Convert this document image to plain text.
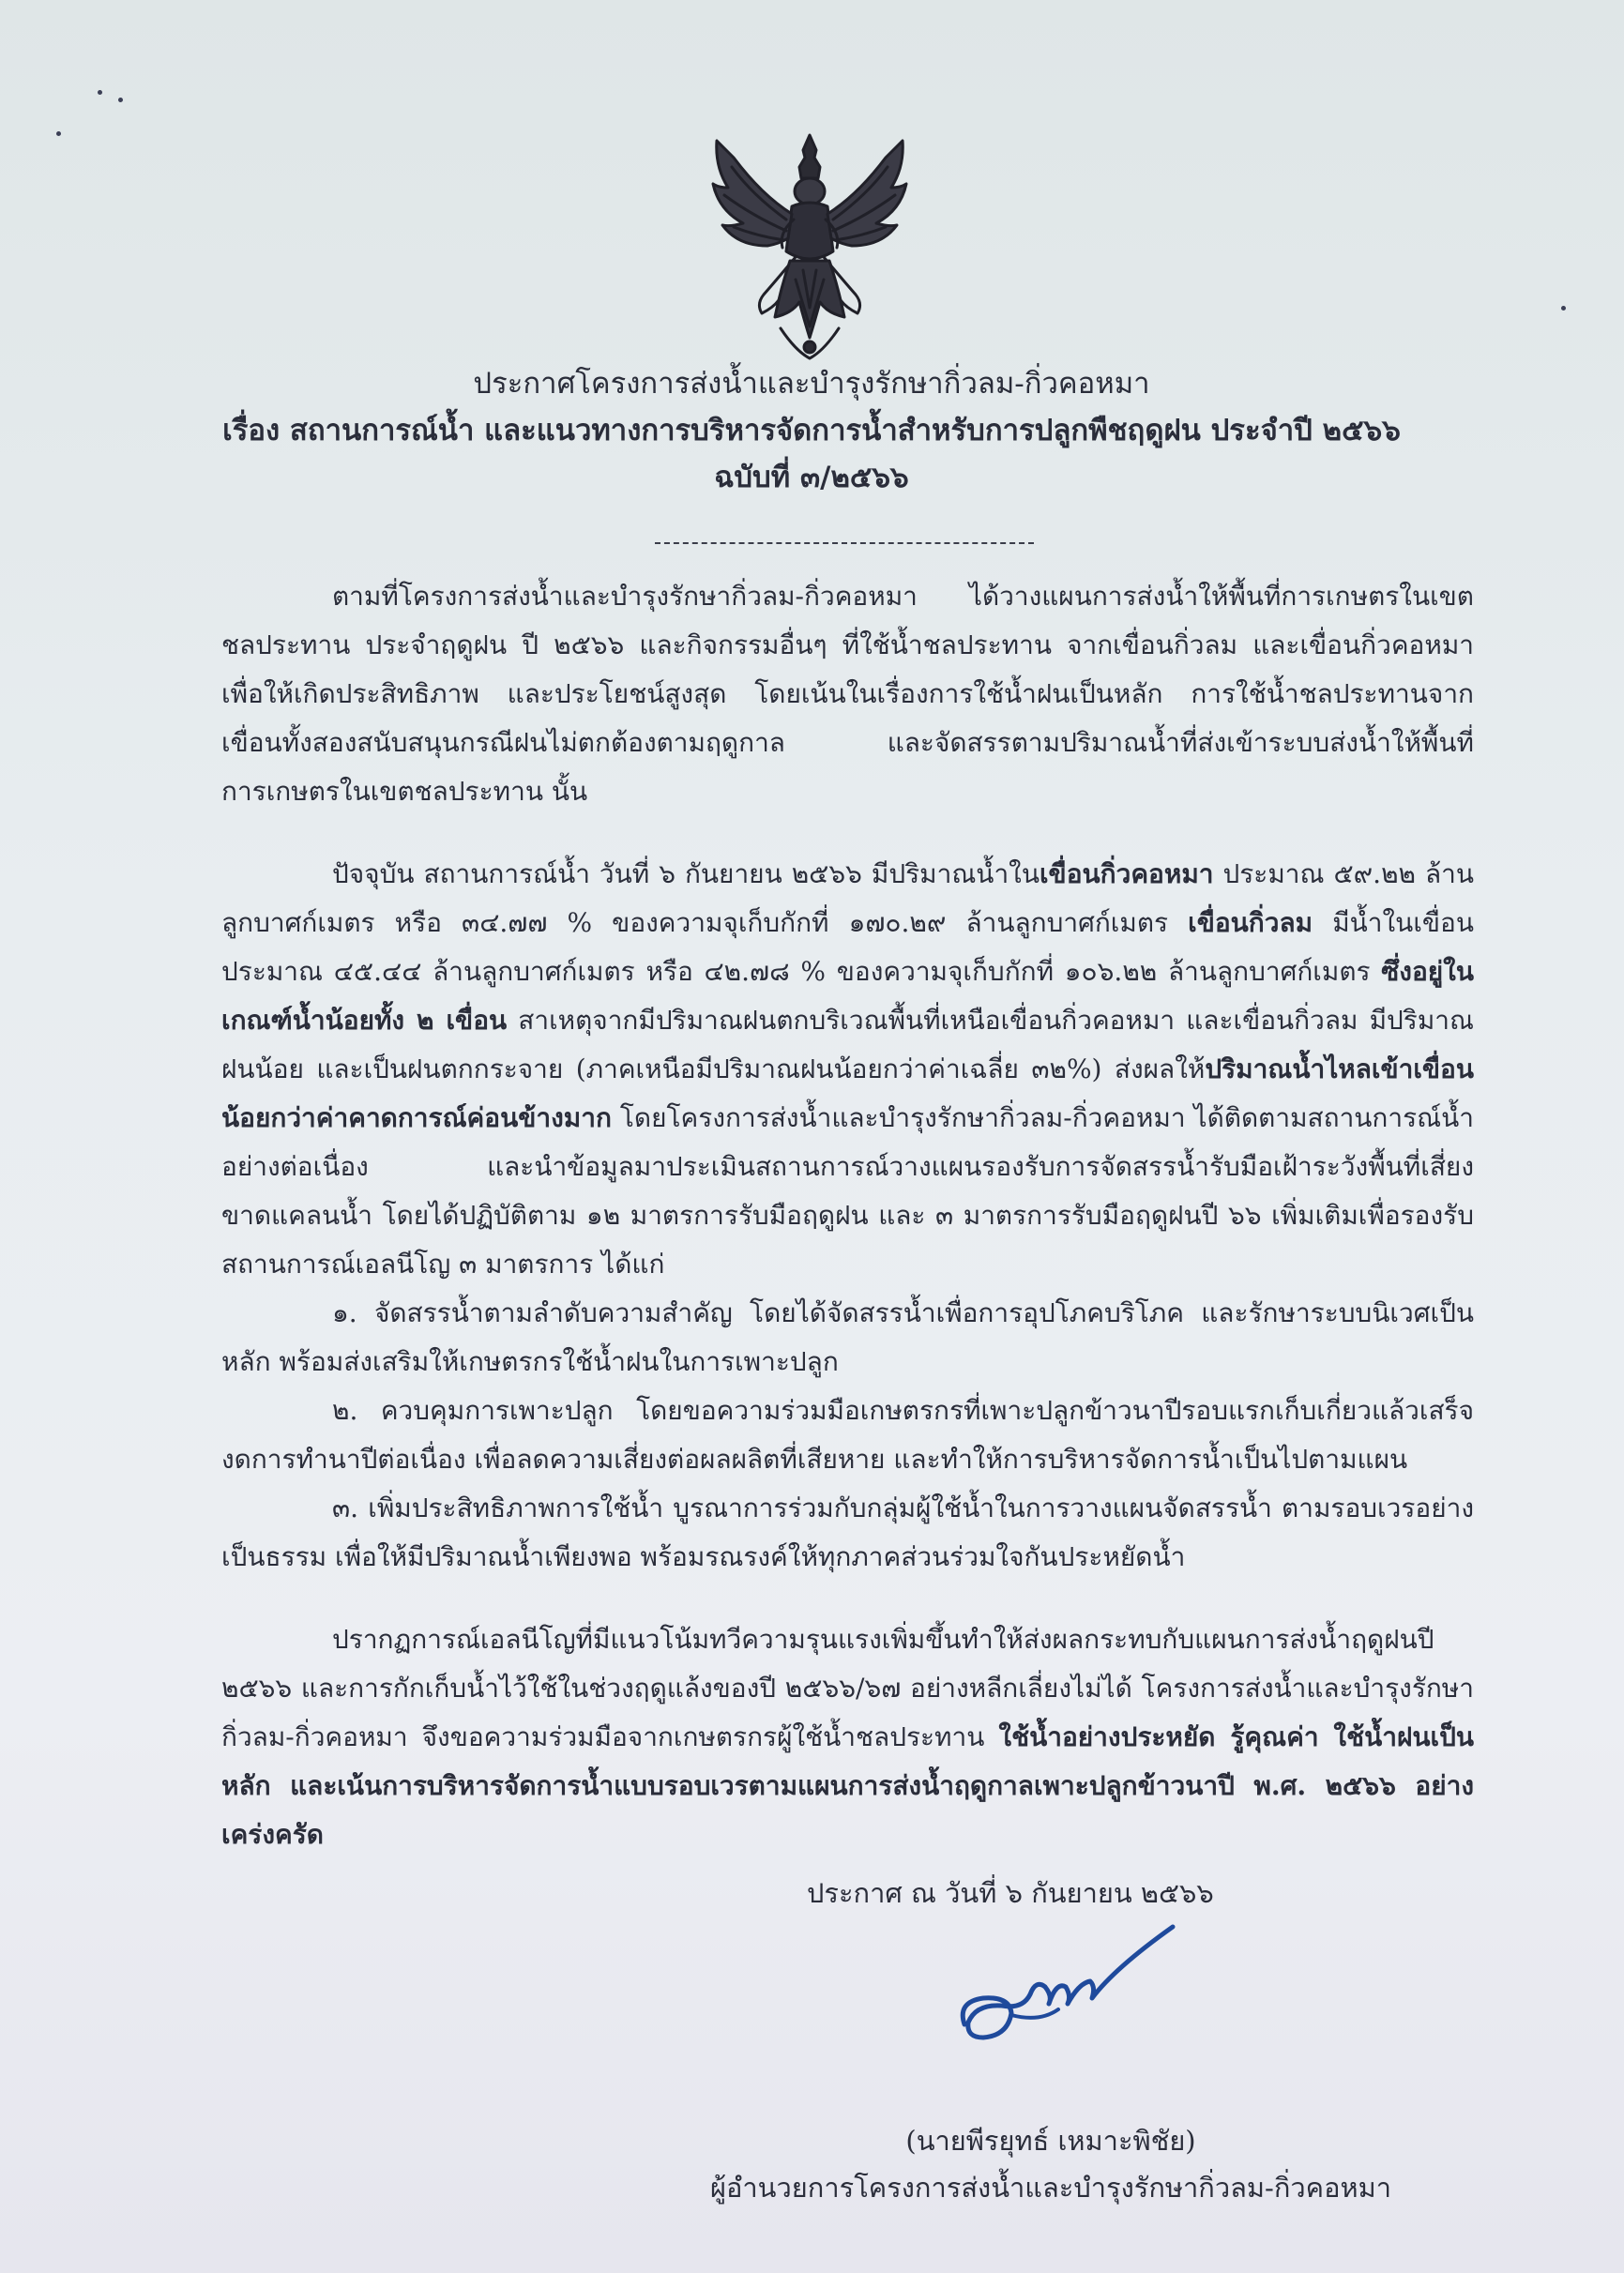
ประกาศโครงการส่งน้ำและบำรุงรักษากิ่วลม-กิ่วคอหมา
เรื่อง สถานการณ์น้ำ และแนวทางการบริหารจัดการน้ำสำหรับการปลูกพืชฤดูฝน ประจำปี ๒๕๖๖
ฉบับที่ ๓/๒๕๖๖

ตามที่โครงการส่งน้ำและบำรุงรักษากิ่วลม-กิ่วคอหมา ได้วางแผนการส่งน้ำให้พื้นที่การเกษตรในเขตชลประทาน ประจำฤดูฝน ปี ๒๕๖๖ และกิจกรรมอื่นๆ ที่ใช้น้ำชลประทาน จากเขื่อนกิ่วลม และเขื่อนกิ่วคอหมา เพื่อให้เกิดประสิทธิภาพ และประโยชน์สูงสุด โดยเน้นในเรื่องการใช้น้ำฝนเป็นหลัก การใช้น้ำชลประทานจากเขื่อนทั้งสองสนับสนุนกรณีฝนไม่ตกต้องตามฤดูกาล และจัดสรรตามปริมาณน้ำที่ส่งเข้าระบบส่งน้ำให้พื้นที่การเกษตรในเขตชลประทาน นั้น

ปัจจุบัน สถานการณ์น้ำ วันที่ ๖ กันยายน ๒๕๖๖ มีปริมาณน้ำในเขื่อนกิ่วคอหมา ประมาณ ๕๙.๒๒ ล้านลูกบาศก์เมตร หรือ ๓๔.๗๗ % ของความจุเก็บกักที่ ๑๗๐.๒๙ ล้านลูกบาศก์เมตร เขื่อนกิ่วลม มีน้ำในเขื่อนประมาณ ๔๕.๔๔ ล้านลูกบาศก์เมตร หรือ ๔๒.๗๘ % ของความจุเก็บกักที่ ๑๐๖.๒๒ ล้านลูกบาศก์เมตร ซึ่งอยู่ในเกณฑ์น้ำน้อยทั้ง ๒ เขื่อน สาเหตุจากมีปริมาณฝนตกบริเวณพื้นที่เหนือเขื่อนกิ่วคอหมา และเขื่อนกิ่วลม มีปริมาณฝนน้อย และเป็นฝนตกกระจาย (ภาคเหนือมีปริมาณฝนน้อยกว่าค่าเฉลี่ย ๓๒%) ส่งผลให้ปริมาณน้ำไหลเข้าเขื่อนน้อยกว่าค่าคาดการณ์ค่อนข้างมาก โดยโครงการส่งน้ำและบำรุงรักษากิ่วลม-กิ่วคอหมา ได้ติดตามสถานการณ์น้ำอย่างต่อเนื่อง และนำข้อมูลมาประเมินสถานการณ์วางแผนรองรับการจัดสรรน้ำรับมือเฝ้าระวังพื้นที่เสี่ยงขาดแคลนน้ำ โดยได้ปฏิบัติตาม ๑๒ มาตรการรับมือฤดูฝน และ ๓ มาตรการรับมือฤดูฝนปี ๖๖ เพิ่มเติมเพื่อรองรับสถานการณ์เอลนีโญ ๓ มาตรการ ได้แก่

๑. จัดสรรน้ำตามลำดับความสำคัญ โดยได้จัดสรรน้ำเพื่อการอุปโภคบริโภค และรักษาระบบนิเวศเป็นหลัก พร้อมส่งเสริมให้เกษตรกรใช้น้ำฝนในการเพาะปลูก

๒. ควบคุมการเพาะปลูก โดยขอความร่วมมือเกษตรกรที่เพาะปลูกข้าวนาปีรอบแรกเก็บเกี่ยวแล้วเสร็จงดการทำนาปีต่อเนื่อง เพื่อลดความเสี่ยงต่อผลผลิตที่เสียหาย และทำให้การบริหารจัดการน้ำเป็นไปตามแผน

๓. เพิ่มประสิทธิภาพการใช้น้ำ บูรณาการร่วมกับกลุ่มผู้ใช้น้ำในการวางแผนจัดสรรน้ำ ตามรอบเวรอย่างเป็นธรรม เพื่อให้มีปริมาณน้ำเพียงพอ พร้อมรณรงค์ให้ทุกภาคส่วนร่วมใจกันประหยัดน้ำ

ปรากฏการณ์เอลนีโญที่มีแนวโน้มทวีความรุนแรงเพิ่มขึ้นทำให้ส่งผลกระทบกับแผนการส่งน้ำฤดูฝนปี ๒๕๖๖ และการกักเก็บน้ำไว้ใช้ในช่วงฤดูแล้งของปี ๒๕๖๖/๖๗ อย่างหลีกเลี่ยงไม่ได้ โครงการส่งน้ำและบำรุงรักษากิ่วลม-กิ่วคอหมา จึงขอความร่วมมือจากเกษตรกรผู้ใช้น้ำชลประทาน ใช้น้ำอย่างประหยัด รู้คุณค่า ใช้น้ำฝนเป็นหลัก และเน้นการบริหารจัดการน้ำแบบรอบเวรตามแผนการส่งน้ำฤดูกาลเพาะปลูกข้าวนาปี พ.ศ. ๒๕๖๖ อย่างเคร่งครัด

ประกาศ ณ วันที่ ๖ กันยายน ๒๕๖๖
(นายพีรยุทธ์ เหมาะพิชัย)
ผู้อำนวยการโครงการส่งน้ำและบำรุงรักษากิ่วลม-กิ่วคอหมา
